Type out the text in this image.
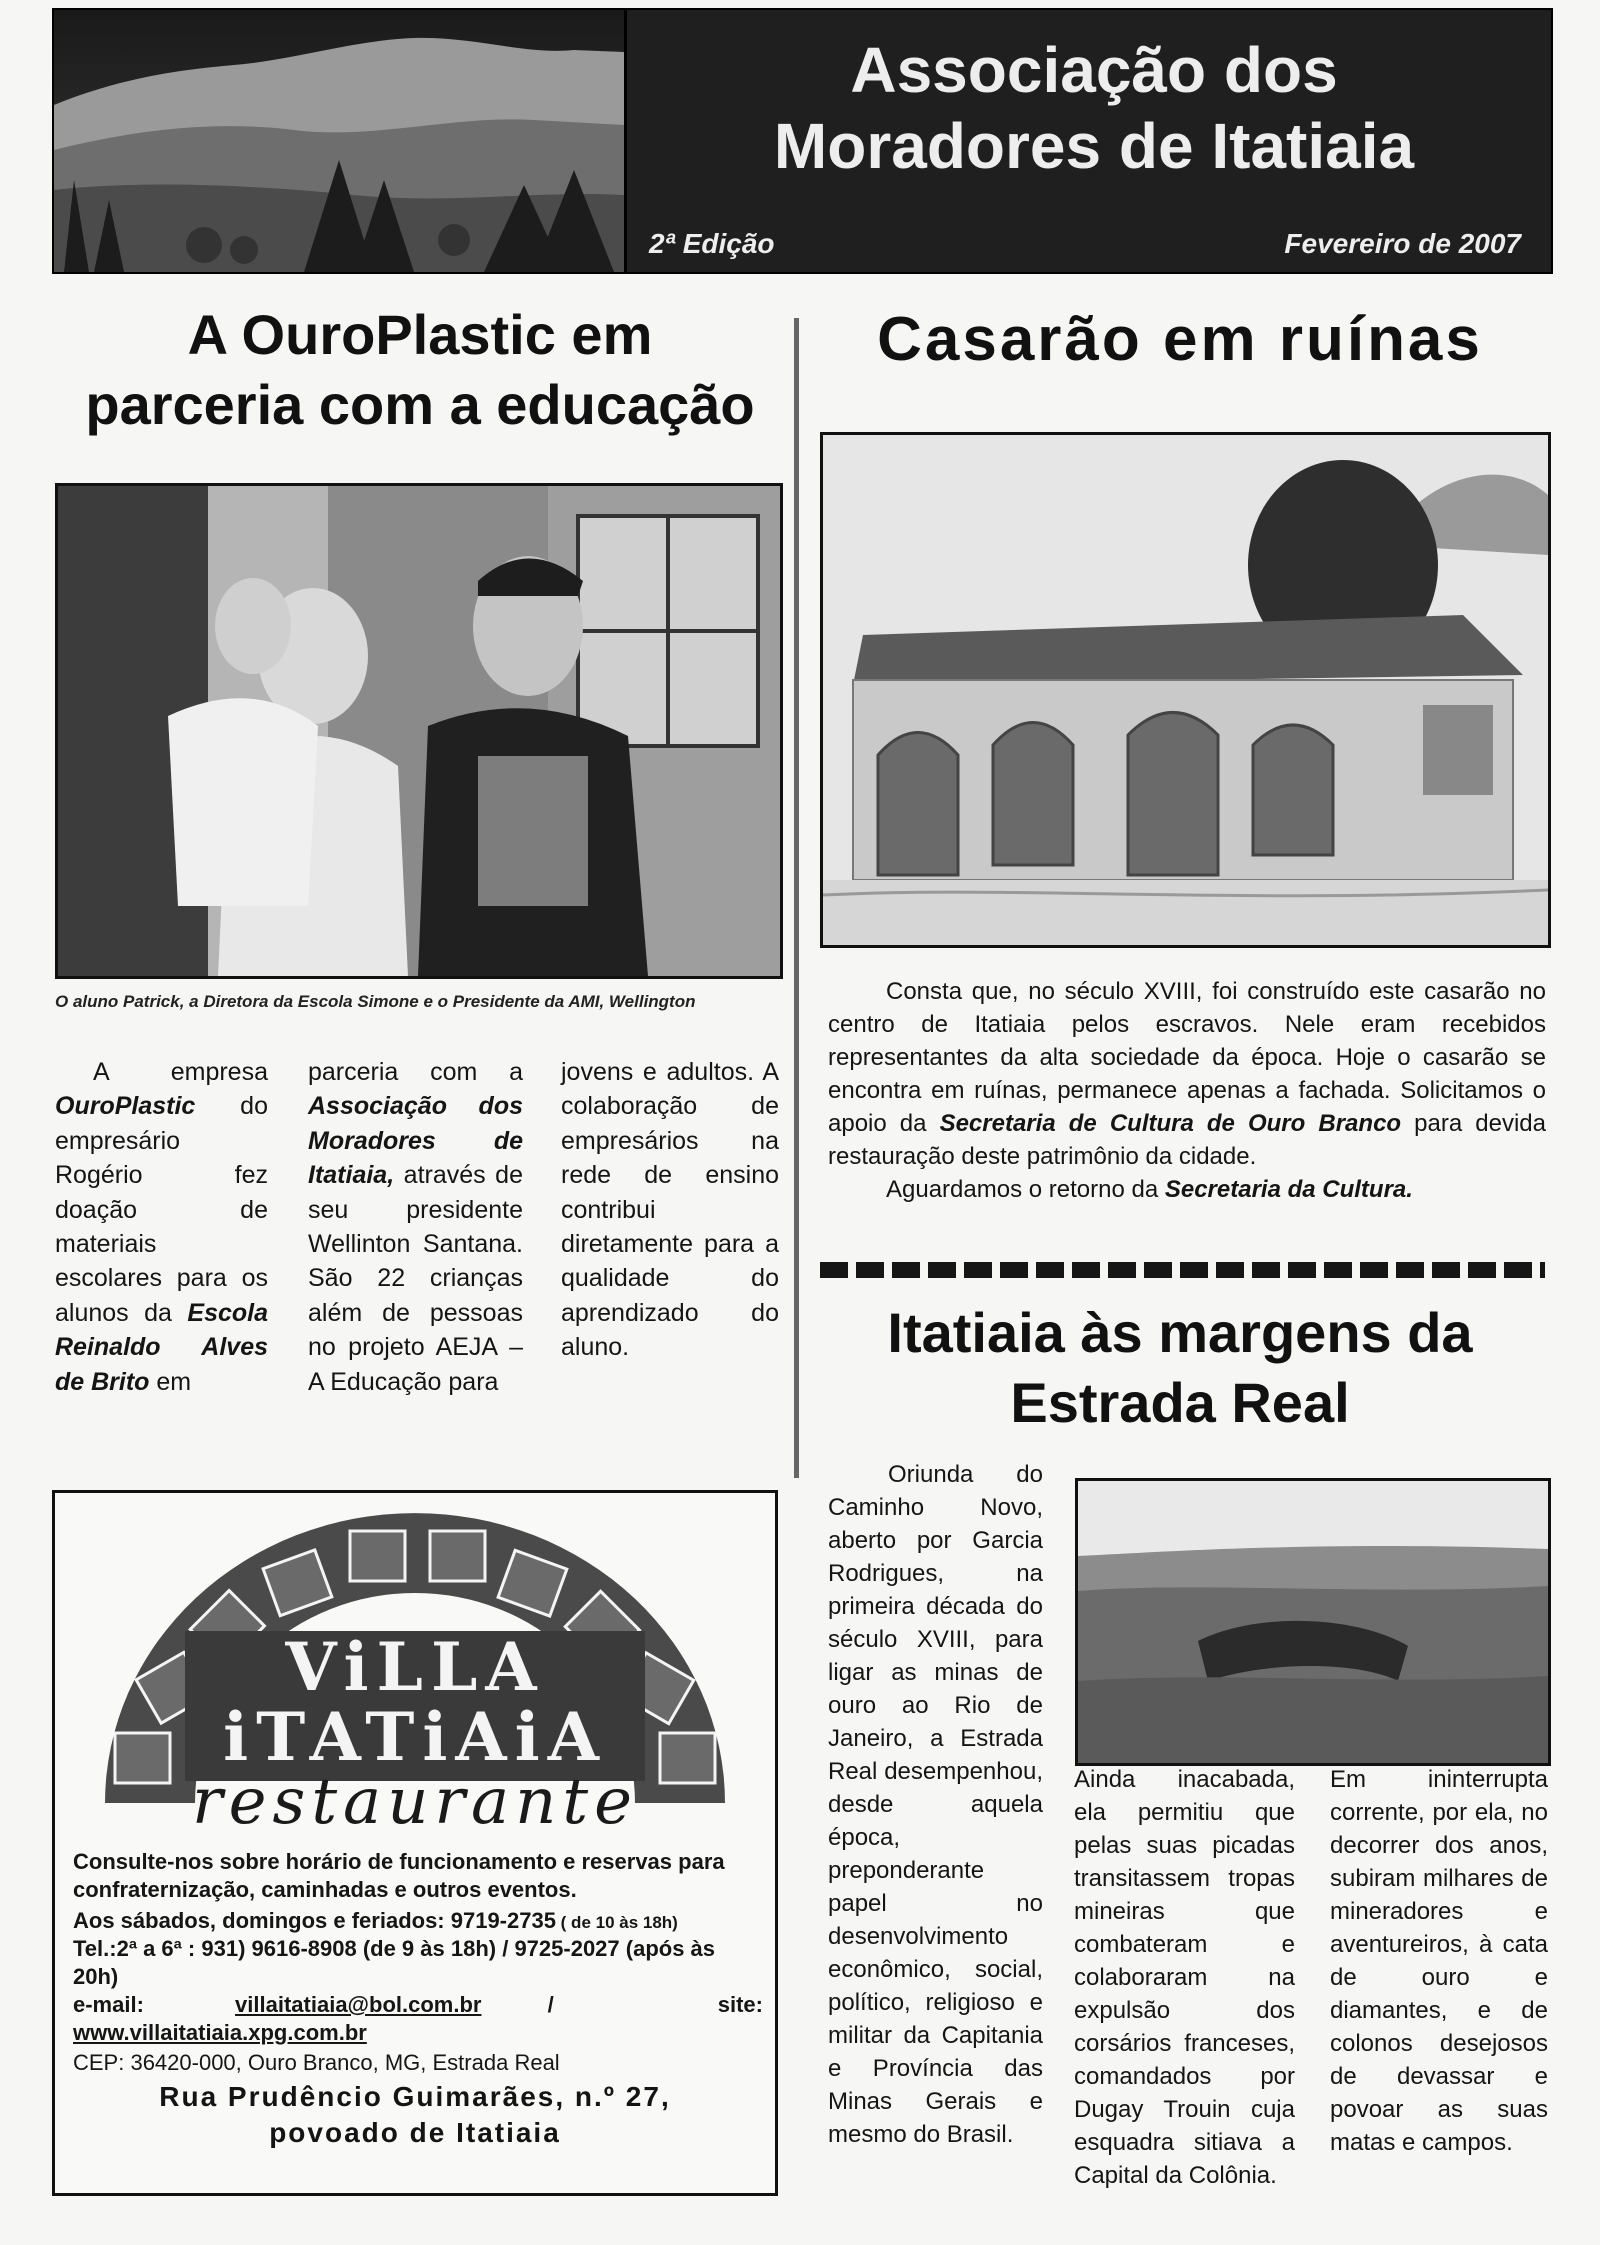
Associação dos
Moradores de Itatiaia
2ª Edição	Fevereiro de 2007
A OuroPlastic em
parceria com a educação
O aluno Patrick, a Diretora da Escola Simone e o Presidente da AMI, Wellington
A empresa OuroPlastic do empresário Rogério fez doação de materiais escolares para os alunos da Escola Reinaldo Alves de Brito em
parceria com a Associação dos Moradores de Itatiaia, através de seu presidente Wellinton Santana. São 22 crianças além de pessoas no projeto AEJA – A Educação para
jovens e adultos. A colaboração de empresários na rede de ensino contribui diretamente para a qualidade do aprendizado do aluno.
ViLLA
iTATiAiA
restaurante
Consulte-nos sobre horário de funcionamento e reservas para confraternização, caminhadas e outros eventos.
Aos sábados, domingos e feriados: 9719-2735 ( de 10 às 18h)
Tel.:2ª a 6ª : 931) 9616-8908 (de 9 às 18h) / 9725-2027 (após às 20h)
e-mail:	villaitatiaia@bol.com.br	/	site:
www.villaitatiaia.xpg.com.br
CEP: 36420-000, Ouro Branco, MG, Estrada Real
Rua Prudêncio Guimarães, n.º 27,
povoado de Itatiaia
Casarão em ruínas
Consta que, no século XVIII, foi construído este casarão no centro de Itatiaia pelos escravos. Nele eram recebidos representantes da alta sociedade da época. Hoje o casarão se encontra em ruínas, permanece apenas a fachada. Solicitamos o apoio da Secretaria de Cultura de Ouro Branco para devida restauração deste patrimônio da cidade.
Aguardamos o retorno da Secretaria da Cultura.
Itatiaia às margens da
Estrada Real
Oriunda do Caminho Novo, aberto por Garcia Rodrigues, na primeira década do século XVIII, para ligar as minas de ouro ao Rio de Janeiro, a Estrada Real desempenhou, desde aquela época, preponderante papel no desenvolvimento econômico, social, político, religioso e militar da Capitania e Província das Minas Gerais e mesmo do Brasil.
Ainda inacabada, ela permitiu que pelas suas picadas transitassem tropas mineiras que combateram e colaboraram na expulsão dos corsários franceses, comandados por Dugay Trouin cuja esquadra sitiava a Capital da Colônia.
Em ininterrupta corrente, por ela, no decorrer dos anos, subiram milhares de mineradores e aventureiros, à cata de ouro e diamantes, e de colonos desejosos de devassar e povoar as suas matas e campos.
